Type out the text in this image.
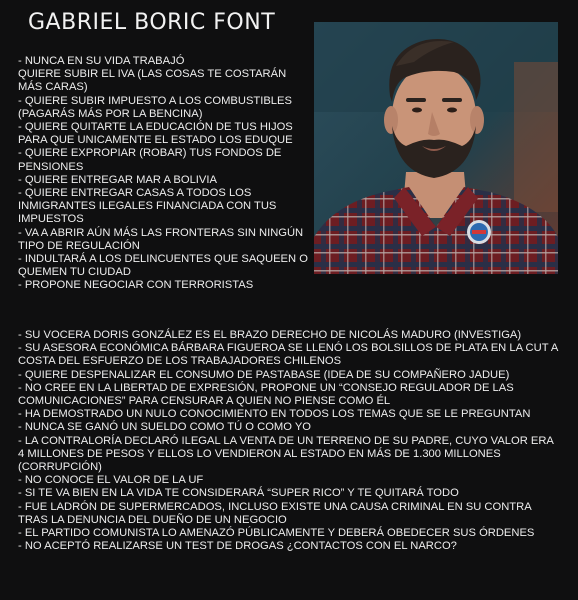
GABRIEL BORIC FONT
- NUNCA EN SU VIDA TRABAJÓ
QUIERE SUBIR EL IVA (LAS COSAS TE COSTARÁN MÁS CARAS)
- QUIERE SUBIR IMPUESTO A LOS COMBUSTIBLES (PAGARÁS MÁS POR LA BENCINA)
- QUIERE QUITARTE LA EDUCACIÓN DE TUS HIJOS PARA QUE UNICAMENTE EL ESTADO LOS EDUQUE
- QUIERE EXPROPIAR (ROBAR) TUS FONDOS DE PENSIONES
- QUIERE ENTREGAR MAR A BOLIVIA
- QUIERE ENTREGAR CASAS A TODOS LOS INMIGRANTES ILEGALES FINANCIADA CON TUS IMPUESTOS
- VA A ABRIR AÚN MÁS LAS FRONTERAS SIN NINGÚN TIPO DE REGULACIÓN
- INDULTARÁ A LOS DELINCUENTES QUE SAQUEEN O QUEMEN TU CIUDAD
- PROPONE NEGOCIAR CON TERRORISTAS
- SU VOCERA DORIS GONZÁLEZ ES EL BRAZO DERECHO DE NICOLÁS MADURO (INVESTIGA)
- SU ASESORA ECONÓMICA BÁRBARA FIGUEROA SE LLENÓ LOS BOLSILLOS DE PLATA EN LA CUT A COSTA DEL ESFUERZO DE LOS TRABAJADORES CHILENOS
- QUIERE DESPENALIZAR EL CONSUMO DE PASTABASE (IDEA DE SU COMPAÑERO JADUE)
- NO CREE EN LA LIBERTAD DE EXPRESIÓN, PROPONE UN “CONSEJO REGULADOR DE LAS COMUNICACIONES” PARA CENSURAR A QUIEN NO PIENSE COMO ÉL
- HA DEMOSTRADO UN NULO CONOCIMIENTO EN TODOS LOS TEMAS QUE SE LE PREGUNTAN
- NUNCA SE GANÓ UN SUELDO COMO TÚ O COMO YO
- LA CONTRALORÍA DECLARÓ ILEGAL LA VENTA DE UN TERRENO DE SU PADRE, CUYO VALOR ERA 4 MILLONES DE PESOS Y ELLOS LO VENDIERON AL ESTADO EN MÁS DE 1.300 MILLONES (CORRUPCIÓN)
- NO CONOCE EL VALOR DE LA UF
- SI TE VA BIEN EN LA VIDA TE CONSIDERARÁ “SUPER RICO” Y TE QUITARÁ TODO
- FUE LADRÓN DE SUPERMERCADOS, INCLUSO EXISTE UNA CAUSA CRIMINAL EN SU CONTRA TRAS LA DENUNCIA DEL DUEÑO DE UN NEGOCIO
- EL PARTIDO COMUNISTA LO AMENAZÓ PÚBLICAMENTE Y DEBERÁ OBEDECER SUS ÓRDENES
- NO ACEPTÓ REALIZARSE UN TEST DE DROGAS ¿CONTACTOS CON EL NARCO?
